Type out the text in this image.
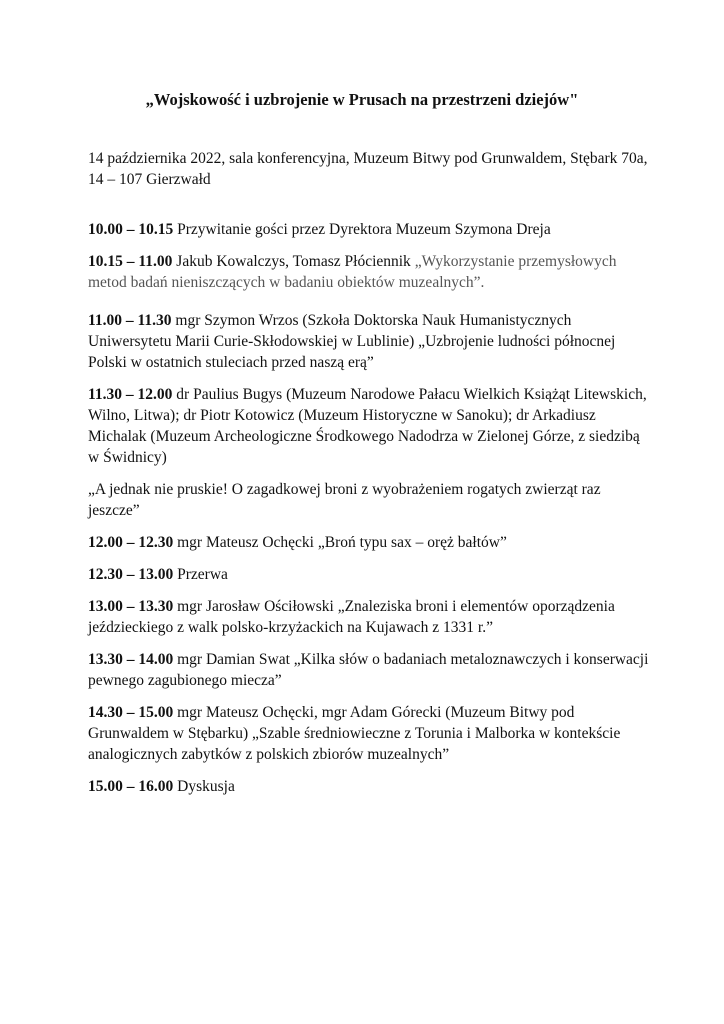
„Wojskowość i uzbrojenie w Prusach na przestrzeni dziejów"

14 października 2022, sala konferencyjna, Muzeum Bitwy pod Grunwaldem, Stębark 70a, 14 – 107 Gierzwałd

10.00 – 10.15 Przywitanie gości przez Dyrektora Muzeum Szymona Dreja

10.15 – 11.00 Jakub Kowalczys, Tomasz Płóciennik „Wykorzystanie przemysłowych metod badań nieniszczących w badaniu obiektów muzealnych”.

11.00 – 11.30 mgr Szymon Wrzos (Szkoła Doktorska Nauk Humanistycznych Uniwersytetu Marii Curie-Skłodowskiej w Lublinie) „Uzbrojenie ludności północnej Polski w ostatnich stuleciach przed naszą erą”

11.30 – 12.00 dr Paulius Bugys (Muzeum Narodowe Pałacu Wielkich Książąt Litewskich, Wilno, Litwa); dr Piotr Kotowicz (Muzeum Historyczne w Sanoku); dr Arkadiusz Michalak (Muzeum Archeologiczne Środkowego Nadodrza w Zielonej Górze, z siedzibą w Świdnicy)

„A jednak nie pruskie! O zagadkowej broni z wyobrażeniem rogatych zwierząt raz jeszcze”

12.00 – 12.30 mgr Mateusz Ochęcki „Broń typu sax – oręż bałtów”

12.30 – 13.00 Przerwa

13.00 – 13.30 mgr Jarosław Ościłowski „Znaleziska broni i elementów oporządzenia jeździeckiego z walk polsko-krzyżackich na Kujawach z 1331 r.”

13.30 – 14.00 mgr Damian Swat „Kilka słów o badaniach metaloznawczych i konserwacji pewnego zagubionego miecza”

14.30 – 15.00 mgr Mateusz Ochęcki, mgr Adam Górecki (Muzeum Bitwy pod Grunwaldem w Stębarku) „Szable średniowieczne z Torunia i Malborka w kontekście analogicznych zabytków z polskich zbiorów muzealnych”

15.00 – 16.00 Dyskusja
